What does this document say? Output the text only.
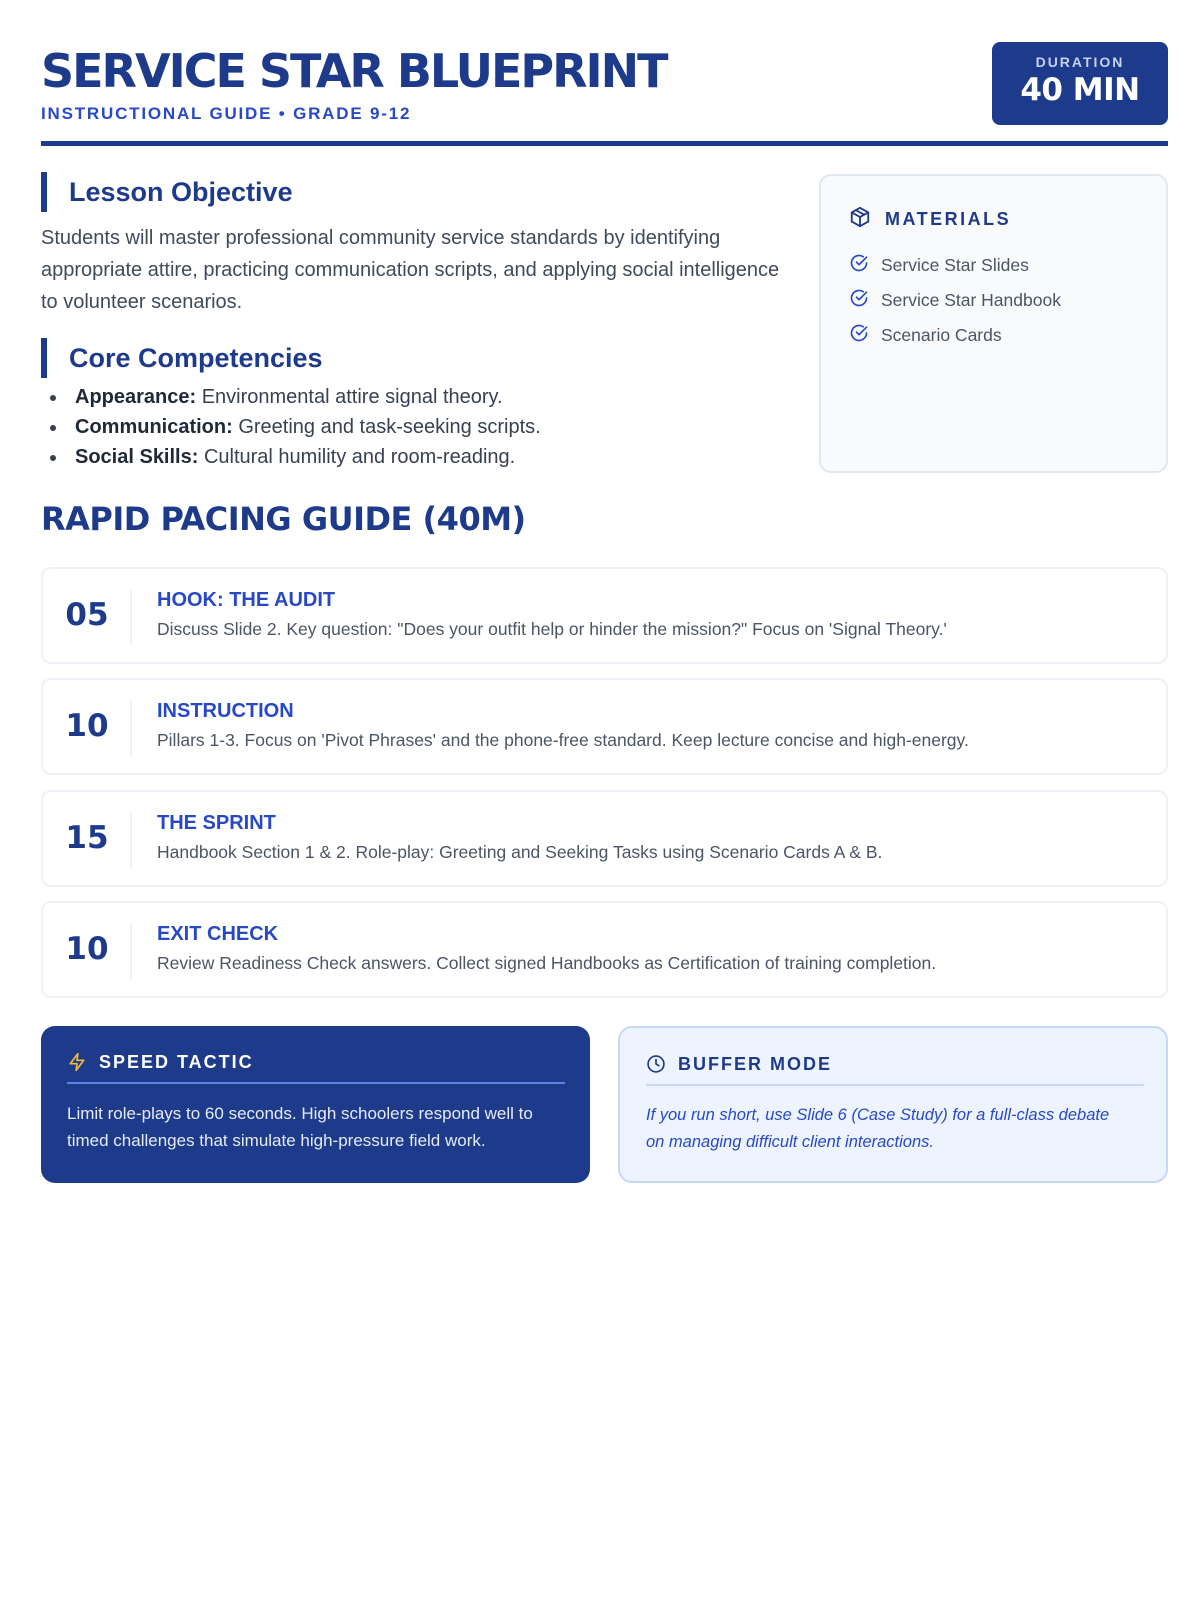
SERVICE STAR BLUEPRINT
INSTRUCTIONAL GUIDE • GRADE 9-12
DURATION
40 MIN
Lesson Objective

Students will master professional community service standards by identifying appropriate attire, practicing communication scripts, and applying social intelligence to volunteer scenarios.

Core Competencies
Appearance: Environmental attire signal theory.
Communication: Greeting and task-seeking scripts.
Social Skills: Cultural humility and room-reading.
MATERIALS
Service Star Slides
Service Star Handbook
Scenario Cards
RAPID PACING GUIDE (40M)
05	HOOK: THE AUDIT
Discuss Slide 2. Key question: "Does your outfit help or hinder the mission?" Focus on 'Signal Theory.'
10	INSTRUCTION
Pillars 1-3. Focus on 'Pivot Phrases' and the phone-free standard. Keep lecture concise and high-energy.
15	THE SPRINT
Handbook Section 1 & 2. Role-play: Greeting and Seeking Tasks using Scenario Cards A & B.
10	EXIT CHECK
Review Readiness Check answers. Collect signed Handbooks as Certification of training completion.
SPEED TACTIC
Limit role-plays to 60 seconds. High schoolers respond well to timed challenges that simulate high-pressure field work.
BUFFER MODE
If you run short, use Slide 6 (Case Study) for a full-class debate on managing difficult client interactions.
